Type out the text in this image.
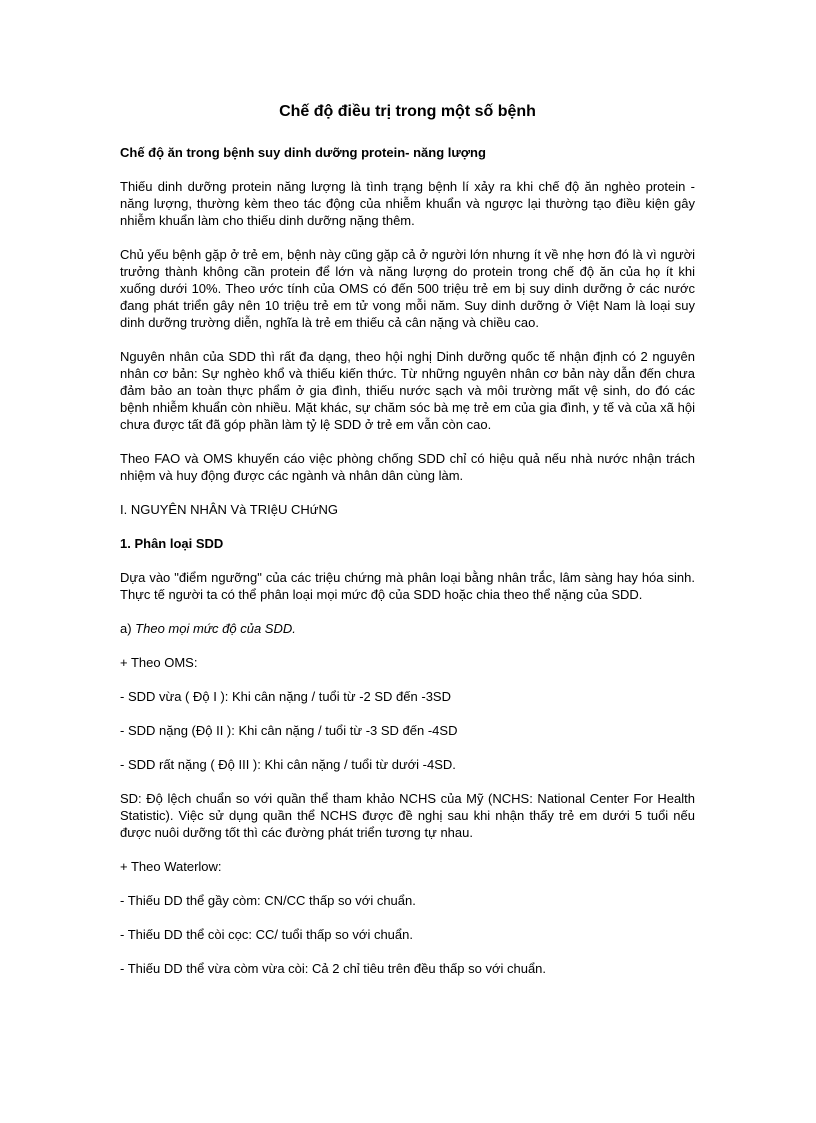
Chế độ điều trị trong một số bệnh
Chế độ ăn trong bệnh suy dinh dưỡng protein- năng lượng

Thiếu dinh dưỡng protein năng lượng là tình trạng bệnh lí xảy ra khi chế độ ăn nghèo protein - năng lượng, thường kèm theo tác động của nhiễm khuẩn và ngược lại thường tạo điều kiện gây nhiễm khuẩn làm cho thiếu dinh dưỡng nặng thêm.

Chủ yếu bệnh gặp ở trẻ em, bệnh này cũng gặp cả ở người lớn nhưng ít về nhẹ hơn đó là vì người trưởng thành không cần protein để lớn và năng lượng do protein trong chế độ ăn của họ ít khi xuống dưới 10%. Theo ước tính của OMS có đến 500 triệu trẻ em bị suy dinh dưỡng ở các nước đang phát triển gây nên 10 triệu trẻ em tử vong mỗi năm. Suy dinh dưỡng ở Việt Nam là loại suy dinh dưỡng trường diễn, nghĩa là trẻ em thiếu cả cân nặng và chiều cao.

Nguyên nhân của SDD thì rất đa dạng, theo hội nghị Dinh dưỡng quốc tế nhận định có 2 nguyên nhân cơ bản: Sự nghèo khổ và thiếu kiến thức. Từ những nguyên nhân cơ bản này dẫn đến chưa đảm bảo an toàn thực phẩm ở gia đình, thiếu nước sạch và môi trường mất vệ sinh, do đó các bệnh nhiễm khuẩn còn nhiều. Mặt khác, sự chăm sóc bà mẹ trẻ em của gia đình, y tế và của xã hội chưa được tất đã góp phần làm tỷ lệ SDD ở trẻ em vẫn còn cao.

Theo FAO và OMS khuyến cáo việc phòng chống SDD chỉ có hiệu quả nếu nhà nước nhận trách nhiệm và huy động được các ngành và nhân dân cùng làm.

I. NGUYÊN NHÂN Và TRIệU CHứNG

1. Phân loại SDD

Dựa vào "điểm ngưỡng" của các triệu chứng mà phân loại bằng nhân trắc, lâm sàng hay hóa sinh. Thực tế người ta có thể phân loại mọi mức độ của SDD hoặc chia theo thể nặng của SDD.

a) Theo mọi mức độ của SDD.

+ Theo OMS:

- SDD vừa ( Độ I ): Khi cân nặng / tuổi từ -2 SD đến -3SD

- SDD nặng (Độ II ): Khi cân nặng / tuổi từ -3 SD đến -4SD

- SDD rất nặng ( Độ III ): Khi cân nặng / tuổi từ dưới -4SD.

SD: Độ lệch chuẩn so với quần thể tham khảo NCHS của Mỹ (NCHS: National Center For Health Statistic). Việc sử dụng quần thể NCHS được đề nghị sau khi nhận thấy trẻ em dưới 5 tuổi nếu được nuôi dưỡng tốt thì các đường phát triển tương tự nhau.

+ Theo Waterlow:

- Thiếu DD thể gầy còm: CN/CC thấp so với chuẩn.

- Thiếu DD thể còi cọc: CC/ tuổi thấp so với chuẩn.

- Thiếu DD thể vừa còm vừa còi: Cả 2 chỉ tiêu trên đều thấp so với chuẩn.
